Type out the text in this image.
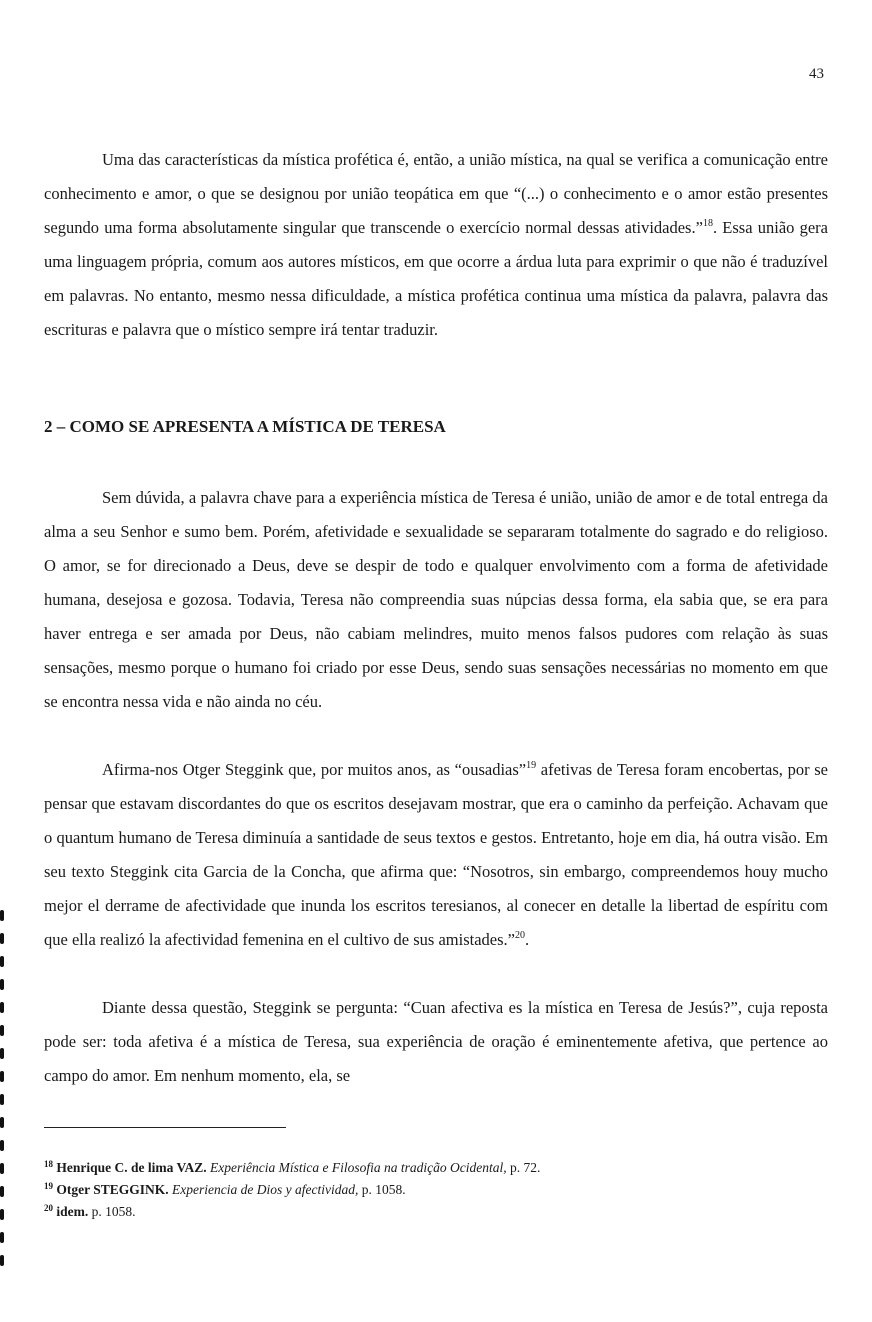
43

Uma das características da mística profética é, então, a união mística, na qual se verifica a comunicação entre conhecimento e amor, o que se designou por união teopática em que “(...) o conhecimento e o amor estão presentes segundo uma forma absolutamente singular que transcende o exercício normal dessas atividades.”$^{18}$. Essa união gera uma linguagem própria, comum aos autores místicos, em que ocorre a árdua luta para exprimir o que não é traduzível em palavras. No entanto, mesmo nessa dificuldade, a mística profética continua uma mística da palavra, palavra das escrituras e palavra que o místico sempre irá tentar traduzir.

2 – COMO SE APRESENTA A MÍSTICA DE TERESA

Sem dúvida, a palavra chave para a experiência mística de Teresa é união, união de amor e de total entrega da alma a seu Senhor e sumo bem. Porém, afetividade e sexualidade se separaram totalmente do sagrado e do religioso. O amor, se for direcionado a Deus, deve se despir de todo e qualquer envolvimento com a forma de afetividade humana, desejosa e gozosa. Todavia, Teresa não compreendia suas núpcias dessa forma, ela sabia que, se era para haver entrega e ser amada por Deus, não cabiam melindres, muito menos falsos pudores com relação às suas sensações, mesmo porque o humano foi criado por esse Deus, sendo suas sensações necessárias no momento em que se encontra nessa vida e não ainda no céu.

Afirma-nos Otger Steggink que, por muitos anos, as “ousadias”$^{19}$ afetivas de Teresa foram encobertas, por se pensar que estavam discordantes do que os escritos desejavam mostrar, que era o caminho da perfeição. Achavam que o quantum humano de Teresa diminuía a santidade de seus textos e gestos. Entretanto, hoje em dia, há outra visão. Em seu texto Steggink cita Garcia de la Concha, que afirma que: “Nosotros, sin embargo, compreendemos houy mucho mejor el derrame de afectividade que inunda los escritos teresianos, al conecer en detalle la libertad de espíritu com que ella realizó la afectividad femenina en el cultivo de sus amistades.”$^{20}$.

Diante dessa questão, Steggink se pergunta: “Cuan afectiva es la mística en Teresa de Jesús?”, cuja reposta pode ser: toda afetiva é a mística de Teresa, sua experiência de oração é eminentemente afetiva, que pertence ao campo do amor. Em nenhum momento, ela, se

$^{18}$ Henrique C. de lima VAZ. Experiência Mística e Filosofia na tradição Ocidental, p. 72.

$^{19}$ Otger STEGGINK. Experiencia de Dios y afectividad, p. 1058.

$^{20}$ idem. p. 1058.
